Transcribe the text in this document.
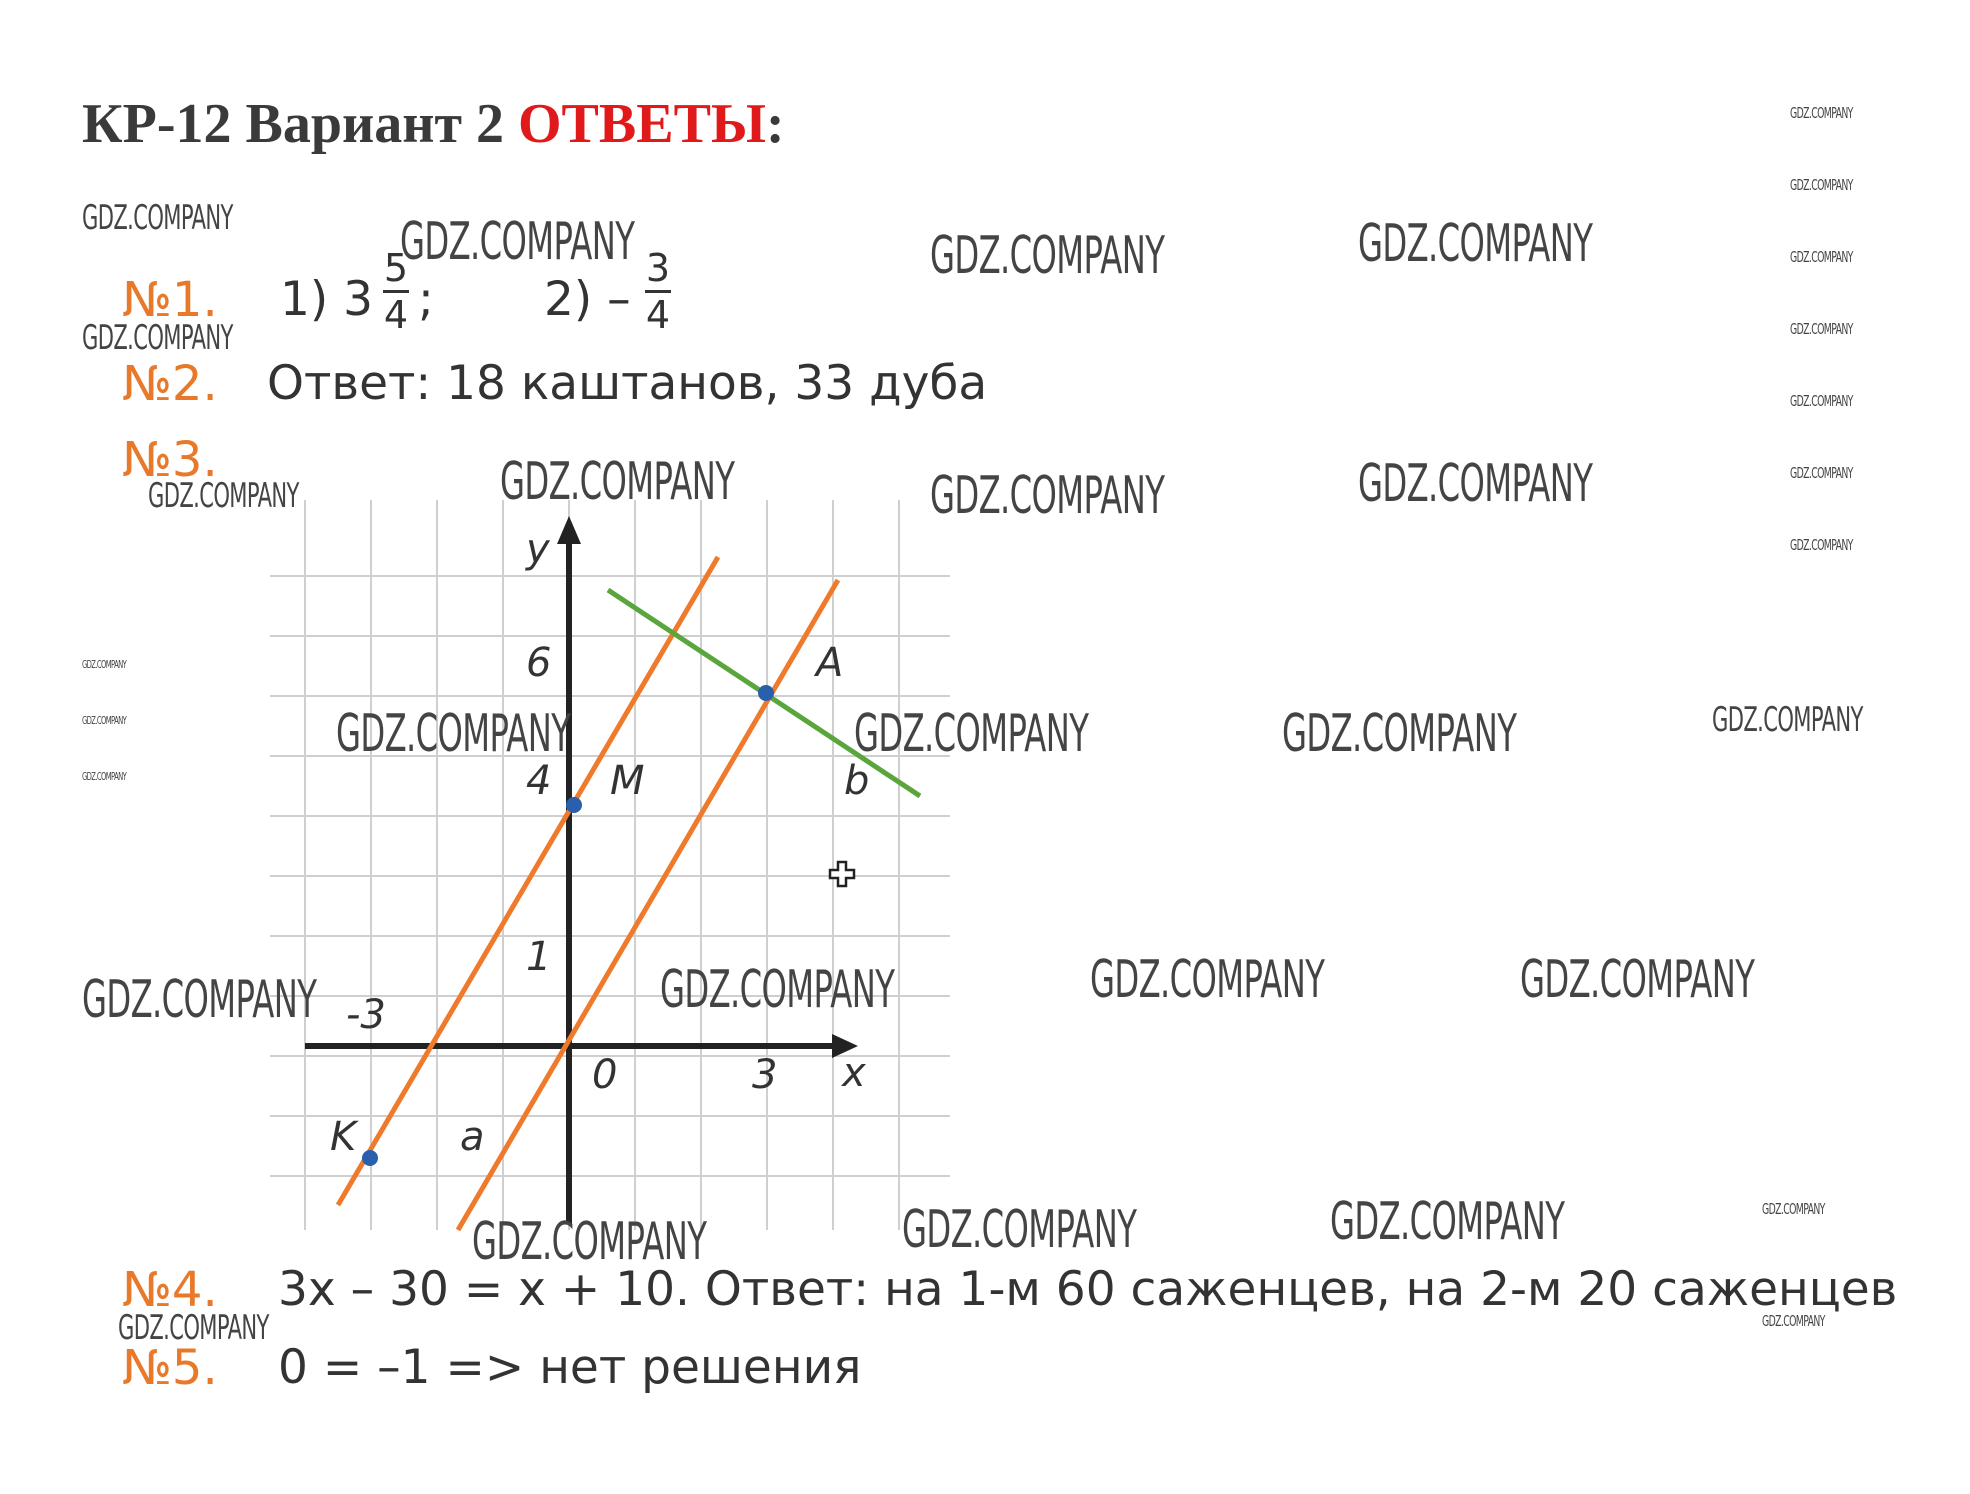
КР-12 Вариант 2 ОТВЕТЫ:
№1. 1) 3
5
4 ; 2) –
3
4
№2. Ответ: 18 каштанов, 33 дуба
№3.
y
x
0
6
4
1
-3
3
A
M
K	a
b
№4. 3x – 30 = x + 10. Ответ: на 1-м 60 саженцев, на 2-м 20 саженцев
№5. 0 = –1 => нет решения
GDZ.COMPANY	GDZ.COMPANY	GDZ.COMPANY	GDZ.COMPANY
GDZ.COMPANY
GDZ.COMPANY	GDZ.COMPANY	GDZ.COMPANY	GDZ.COMPANY
GDZ.COMPANY	GDZ.COMPANY	GDZ.COMPANY	GDZ.COMPANY
GDZ.COMPANY	GDZ.COMPANY	GDZ.COMPANY	GDZ.COMPANY
GDZ.COMPANY	GDZ.COMPANY	GDZ.COMPANY
GDZ.COMPANY
GDZ.COMPANY
GDZ.COMPANY
GDZ.COMPANY
GDZ.COMPANY
GDZ.COMPANY
GDZ.COMPANY
GDZ.COMPANY
GDZ.COMPANY
GDZ.COMPANY
GDZ.COMPANY
GDZ.COMPANY
GDZ.COMPANY
